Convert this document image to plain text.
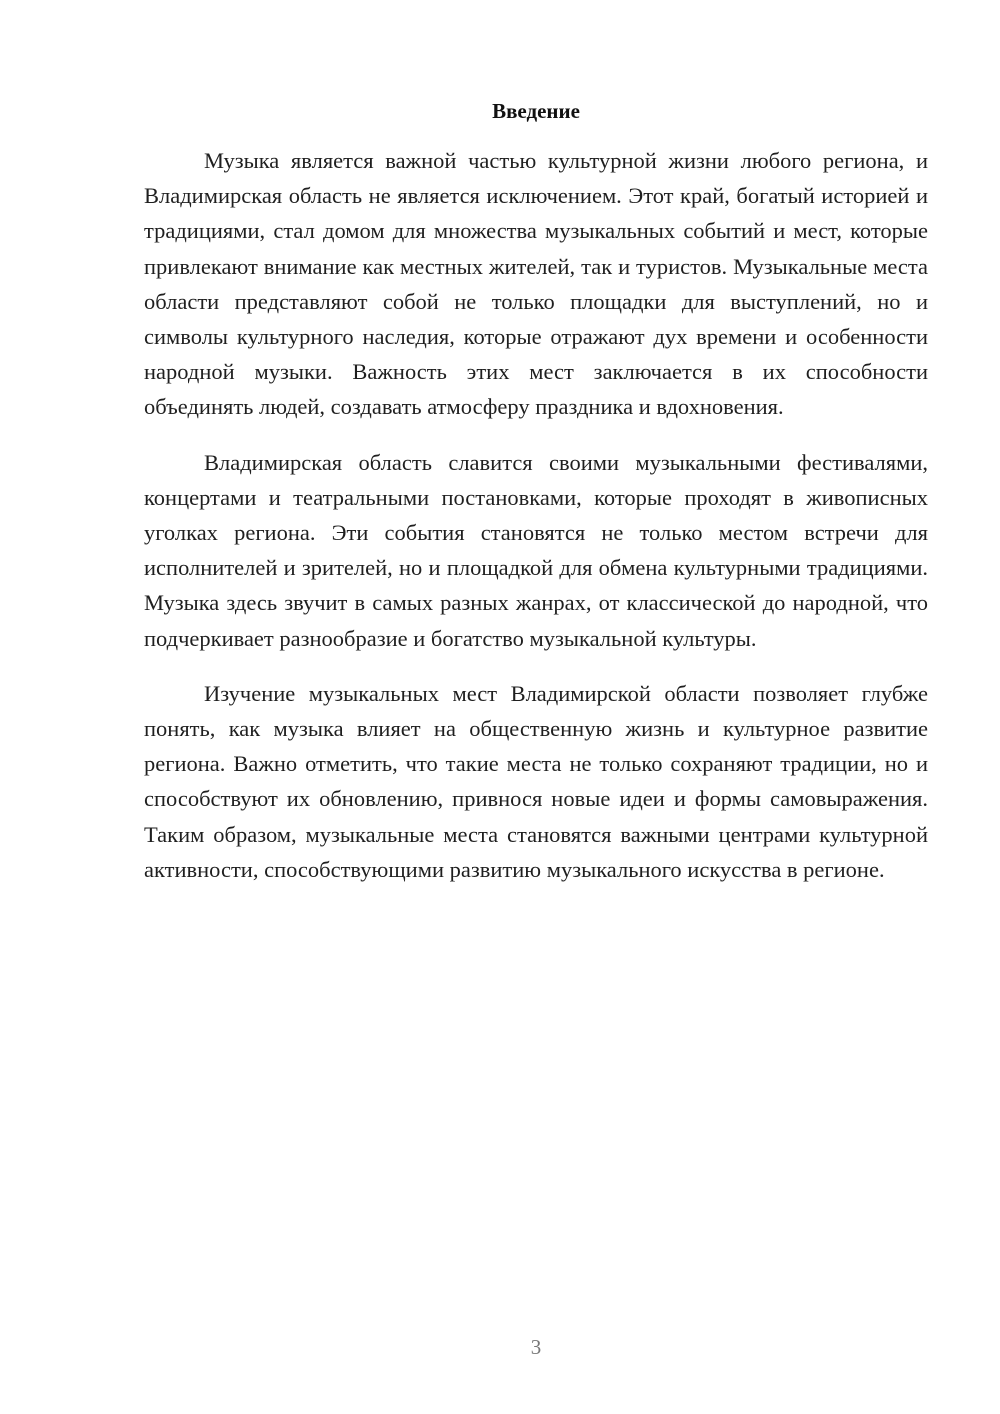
Введение

Музыка является важной частью культурной жизни любого региона, и Владимирская область не является исключением. Этот край, богатый историей и традициями, стал домом для множества музыкальных событий и мест, которые привлекают внимание как местных жителей, так и туристов. Музыкальные места области представляют собой не только площадки для выступлений, но и символы культурного наследия, которые отражают дух времени и особенности народной музыки. Важность этих мест заключается в их способности объединять людей, создавать атмосферу праздника и вдохновения.

Владимирская область славится своими музыкальными фестивалями, концертами и театральными постановками, которые проходят в живописных уголках региона. Эти события становятся не только местом встречи для исполнителей и зрителей, но и площадкой для обмена культурными традициями. Музыка здесь звучит в самых разных жанрах, от классической до народной, что подчеркивает разнообразие и богатство музыкальной культуры.

Изучение музыкальных мест Владимирской области позволяет глубже понять, как музыка влияет на общественную жизнь и культурное развитие региона. Важно отметить, что такие места не только сохраняют традиции, но и способствуют их обновлению, привнося новые идеи и формы самовыражения. Таким образом, музыкальные места становятся важными центрами культурной активности, способствующими развитию музыкального искусства в регионе.

3
